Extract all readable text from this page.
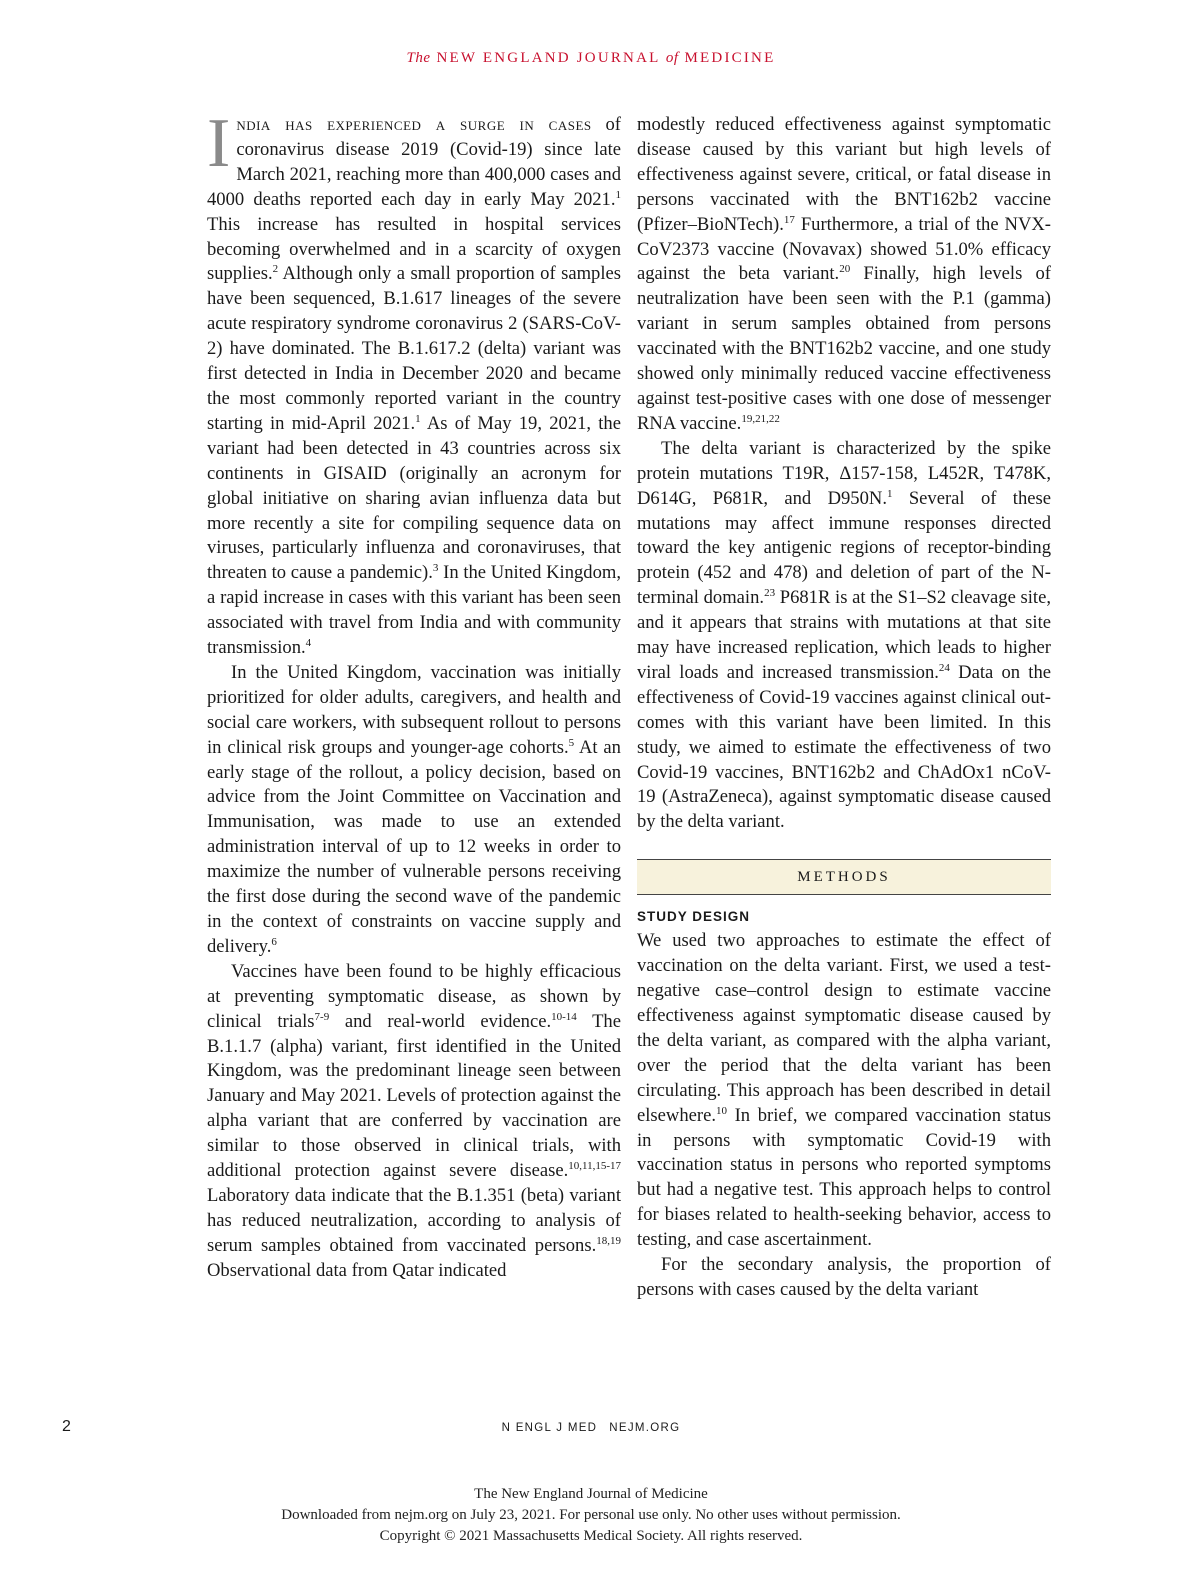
The NEW ENGLAND JOURNAL of MEDICINE

India has experienced a surge in cases of coronavirus disease 2019 (Covid-19) since late March 2021, reaching more than 400,000 cases and 4000 deaths reported each day in early May 2021.$^1$ This increase has resulted in hospital services becoming overwhelmed and in a scarcity of oxygen supplies.$^2$ Although only a small proportion of samples have been sequenced, B.1.617 lineages of the severe acute respiratory syndrome coronavirus 2 (SARS-CoV-2) have dominated. The B.1.617.2 (delta) variant was first detected in India in December 2020 and became the most commonly reported variant in the country starting in mid-April 2021.$^1$ As of May 19, 2021, the variant had been detected in 43 countries across six continents in GISAID (originally an acronym for global initiative on sharing avian influenza data but more recently a site for compiling sequence data on viruses, particularly influenza and coronaviruses, that threaten to cause a pandemic).$^3$ In the United Kingdom, a rapid increase in cases with this variant has been seen associated with travel from India and with community transmission.$^4$

In the United Kingdom, vaccination was initially prioritized for older adults, caregivers, and health and social care workers, with subsequent rollout to persons in clinical risk groups and younger-age cohorts.$^5$ At an early stage of the rollout, a policy decision, based on advice from the Joint Committee on Vaccination and Immunisation, was made to use an extended administration interval of up to 12 weeks in order to maximize the number of vulnerable persons receiving the first dose during the second wave of the pandemic in the context of constraints on vaccine supply and delivery.$^6$

Vaccines have been found to be highly efficacious at preventing symptomatic disease, as shown by clinical trials$^{7-9}$ and real-world evidence.$^{10-14}$ The B.1.1.7 (alpha) variant, first identified in the United Kingdom, was the predominant lineage seen between January and May 2021. Levels of protection against the alpha variant that are conferred by vaccination are similar to those observed in clinical trials, with additional protection against severe disease.$^{10,11,15-17}$ Laboratory data indicate that the B.1.351 (beta) variant has reduced neutralization, according to analysis of serum samples obtained from vaccinated persons.$^{18,19}$ Observational data from Qatar indicated

modestly reduced effectiveness against symptomatic disease caused by this variant but high levels of effectiveness against severe, critical, or fatal disease in persons vaccinated with the BNT162b2 vaccine (Pfizer–BioNTech).$^{17}$ Furthermore, a trial of the NVX-CoV2373 vaccine (Novavax) showed 51.0% efficacy against the beta variant.$^{20}$ Finally, high levels of neutralization have been seen with the P.1 (gamma) variant in serum samples obtained from persons vaccinated with the BNT162b2 vaccine, and one study showed only minimally reduced vaccine effectiveness against test-positive cases with one dose of messenger RNA vaccine.$^{19,21,22}$

The delta variant is characterized by the spike protein mutations T19R, Δ157-158, L452R, T478K, D614G, P681R, and D950N.$^1$ Several of these mutations may affect immune responses directed toward the key antigenic regions of receptor-binding protein (452 and 478) and deletion of part of the N-terminal domain.$^{23}$ P681R is at the S1–S2 cleavage site, and it appears that strains with mutations at that site may have increased replication, which leads to higher viral loads and increased transmission.$^{24}$ Data on the effectiveness of Covid-19 vaccines against clinical outcomes with this variant have been limited. In this study, we aimed to estimate the effectiveness of two Covid-19 vaccines, BNT162b2 and ChAdOx1 nCoV-19 (AstraZeneca), against symptomatic disease caused by the delta variant.

METHODS
STUDY DESIGN

We used two approaches to estimate the effect of vaccination on the delta variant. First, we used a test-negative case–control design to estimate vaccine effectiveness against symptomatic disease caused by the delta variant, as compared with the alpha variant, over the period that the delta variant has been circulating. This approach has been described in detail elsewhere.$^{10}$ In brief, we compared vaccination status in persons with symptomatic Covid-19 with vaccination status in persons who reported symptoms but had a negative test. This approach helps to control for biases related to health-seeking behavior, access to testing, and case ascertainment.

For the secondary analysis, the proportion of persons with cases caused by the delta variant

2	N ENGL J MED NEJM.ORG
The New England Journal of Medicine
Downloaded from nejm.org on July 23, 2021. For personal use only. No other uses without permission.
Copyright © 2021 Massachusetts Medical Society. All rights reserved.
